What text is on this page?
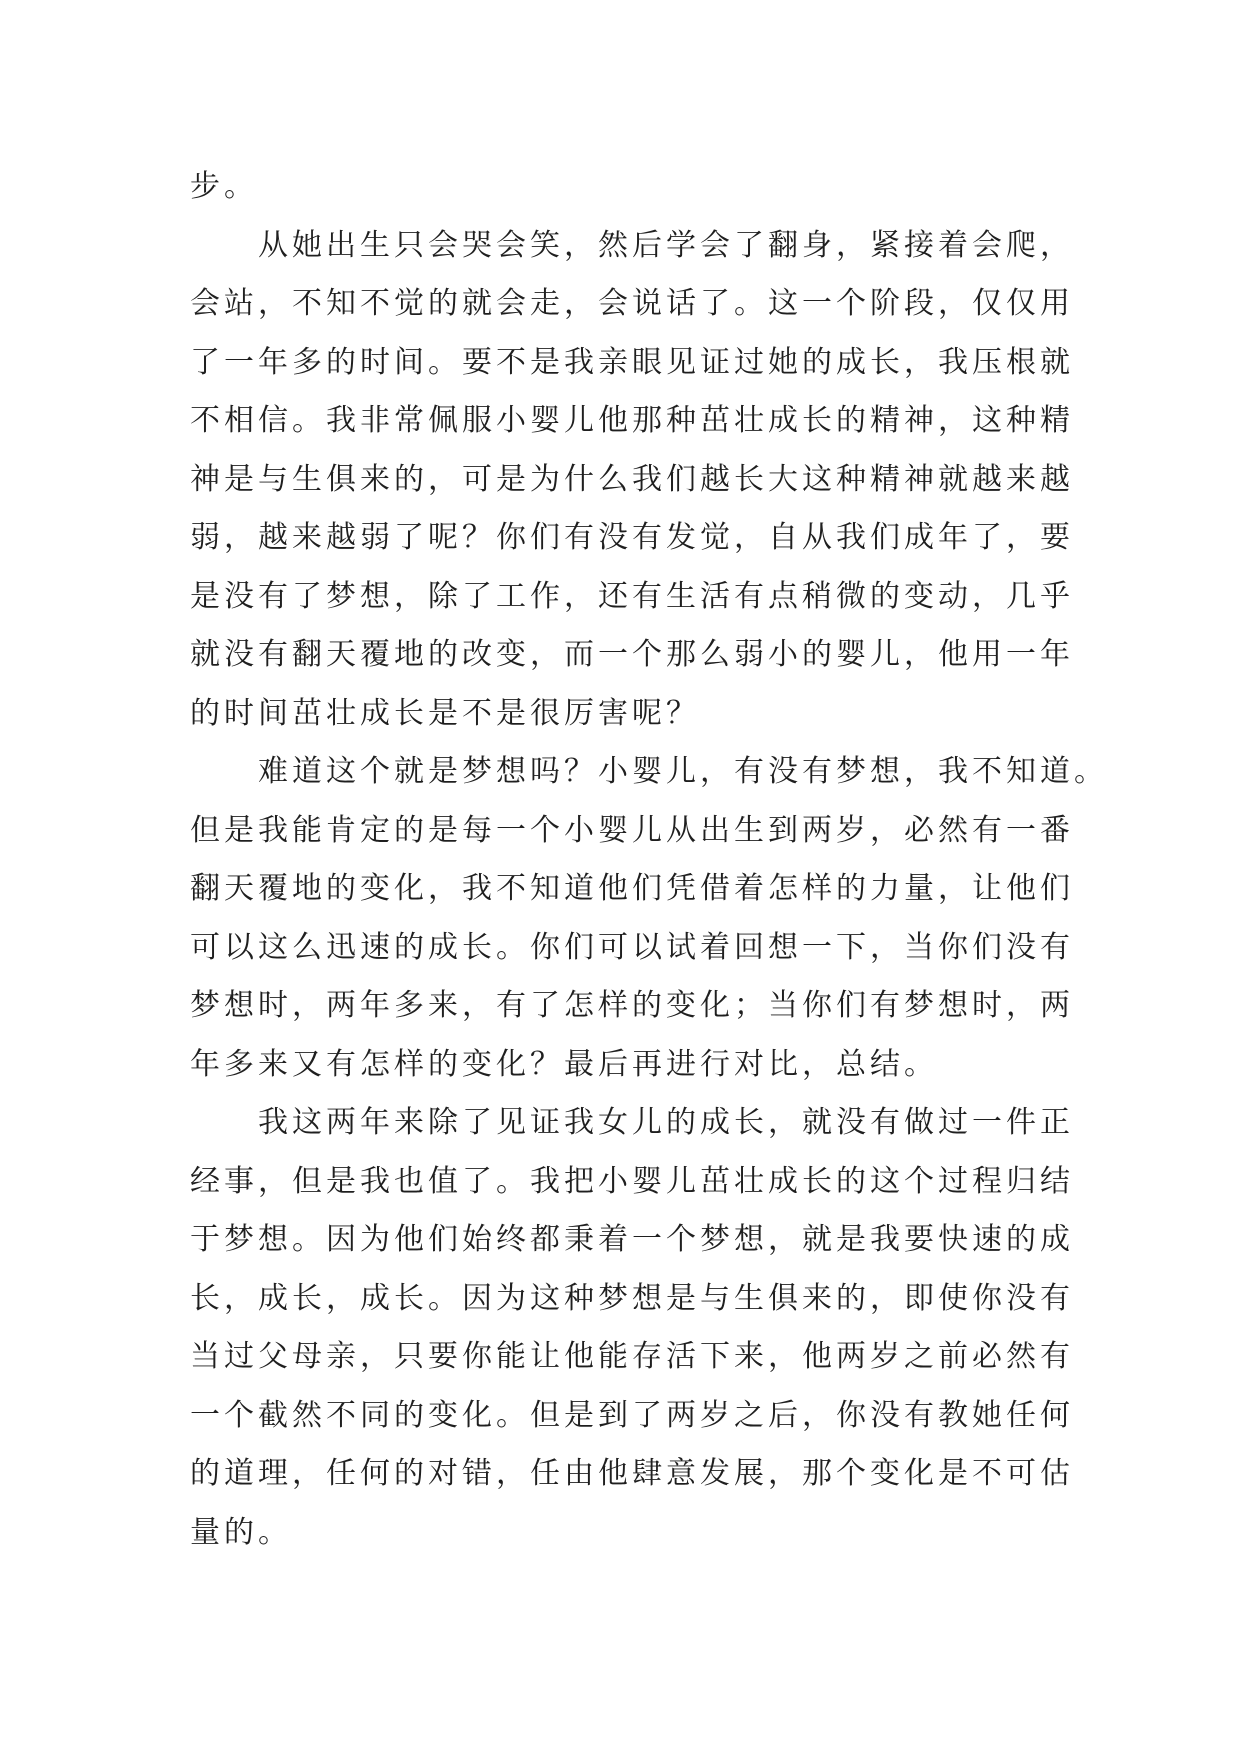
步。
　　从她出生只会哭会笑，然后学会了翻身，紧接着会爬，
会站，不知不觉的就会走，会说话了。这一个阶段，仅仅用
了一年多的时间。要不是我亲眼见证过她的成长，我压根就
不相信。我非常佩服小婴儿他那种茁壮成长的精神，这种精
神是与生俱来的，可是为什么我们越长大这种精神就越来越
弱，越来越弱了呢？你们有没有发觉，自从我们成年了，要
是没有了梦想，除了工作，还有生活有点稍微的变动，几乎
就没有翻天覆地的改变，而一个那么弱小的婴儿，他用一年
的时间茁壮成长是不是很厉害呢？
　　难道这个就是梦想吗？小婴儿，有没有梦想，我不知道。
但是我能肯定的是每一个小婴儿从出生到两岁，必然有一番
翻天覆地的变化，我不知道他们凭借着怎样的力量，让他们
可以这么迅速的成长。你们可以试着回想一下，当你们没有
梦想时，两年多来，有了怎样的变化；当你们有梦想时，两
年多来又有怎样的变化？最后再进行对比，总结。
　　我这两年来除了见证我女儿的成长，就没有做过一件正
经事，但是我也值了。我把小婴儿茁壮成长的这个过程归结
于梦想。因为他们始终都秉着一个梦想，就是我要快速的成
长，成长，成长。因为这种梦想是与生俱来的，即使你没有
当过父母亲，只要你能让他能存活下来，他两岁之前必然有
一个截然不同的变化。但是到了两岁之后，你没有教她任何
的道理，任何的对错，任由他肆意发展，那个变化是不可估
量的。
